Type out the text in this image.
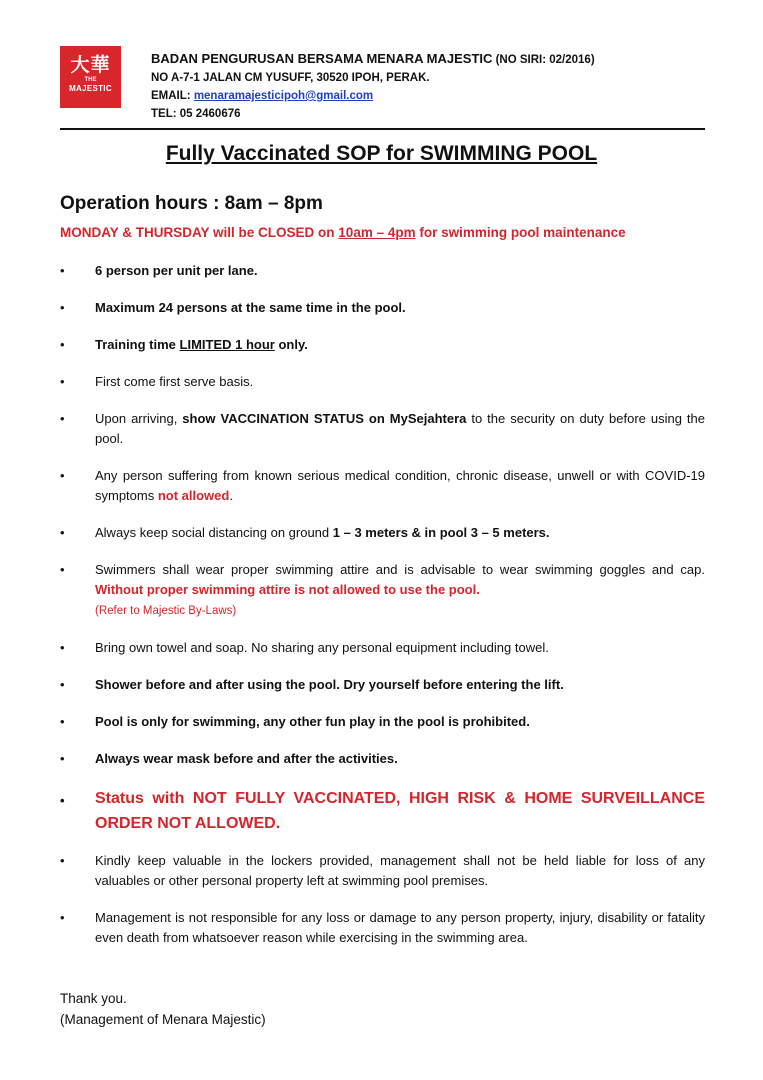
大華
THE
MAJESTIC
BADAN PENGURUSAN BERSAMA MENARA MAJESTIC (NO SIRI: 02/2016)
NO A-7-1 JALAN CM YUSUFF, 30520 IPOH, PERAK.
EMAIL: menaramajesticipoh@gmail.com
TEL: 05 2460676
Fully Vaccinated SOP for SWIMMING POOL
Operation hours : 8am – 8pm
MONDAY & THURSDAY will be CLOSED on 10am – 4pm for swimming pool maintenance
•	6 person per unit per lane.
•	Maximum 24 persons at the same time in the pool.
•	Training time LIMITED 1 hour only.
•	First come first serve basis.
•	Upon arriving, show VACCINATION STATUS on MySejahtera to the security on duty before using the pool.
•	Any person suffering from known serious medical condition, chronic disease, unwell or with COVID-19 symptoms not allowed.
•	Always keep social distancing on ground 1 – 3 meters & in pool 3 – 5 meters.
•	Swimmers shall wear proper swimming attire and is advisable to wear swimming goggles and cap. Without proper swimming attire is not allowed to use the pool.
(Refer to Majestic By-Laws)
•	Bring own towel and soap. No sharing any personal equipment including towel.
•	Shower before and after using the pool. Dry yourself before entering the lift.
•	Pool is only for swimming, any other fun play in the pool is prohibited.
•	Always wear mask before and after the activities.
•	Status with NOT FULLY VACCINATED, HIGH RISK & HOME SURVEILLANCE ORDER NOT ALLOWED.
•	Kindly keep valuable in the lockers provided, management shall not be held liable for loss of any valuables or other personal property left at swimming pool premises.
•	Management is not responsible for any loss or damage to any person property, injury, disability or fatality even death from whatsoever reason while exercising in the swimming area.
Thank you.
(Management of Menara Majestic)
